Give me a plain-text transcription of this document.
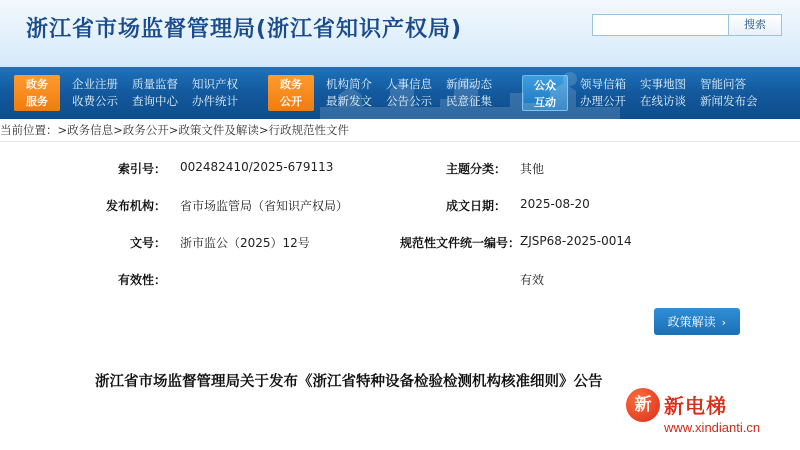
浙江省市场监督管理局(浙江省知识产权局)	搜索
政务
服务
企业注册
收费公示
质量监督
查询中心
知识产权
办件统计
政务
公开
机构简介
最新发文
人事信息
公告公示
新闻动态
民意征集
公众
互动
领导信箱
办理公开
实事地图
在线访谈
智能问答
新闻发布会
当前位置：>政务信息>政务公开>政策文件及解读>行政规范性文件
索引号：	002482410/2025-679113	主题分类：	其他
发布机构：	省市场监管局（省知识产权局）	成文日期：	2025-08-20
文号：	浙市监公（2025）12号	规范性文件统一编号： ZJSP68-2025-0014
有效性：	有效
政策解读 ›
浙江省市场监督管理局关于发布《浙江省特种设备检验检测机构核准细则》公告
新 新电梯
www.xindianti.cn
